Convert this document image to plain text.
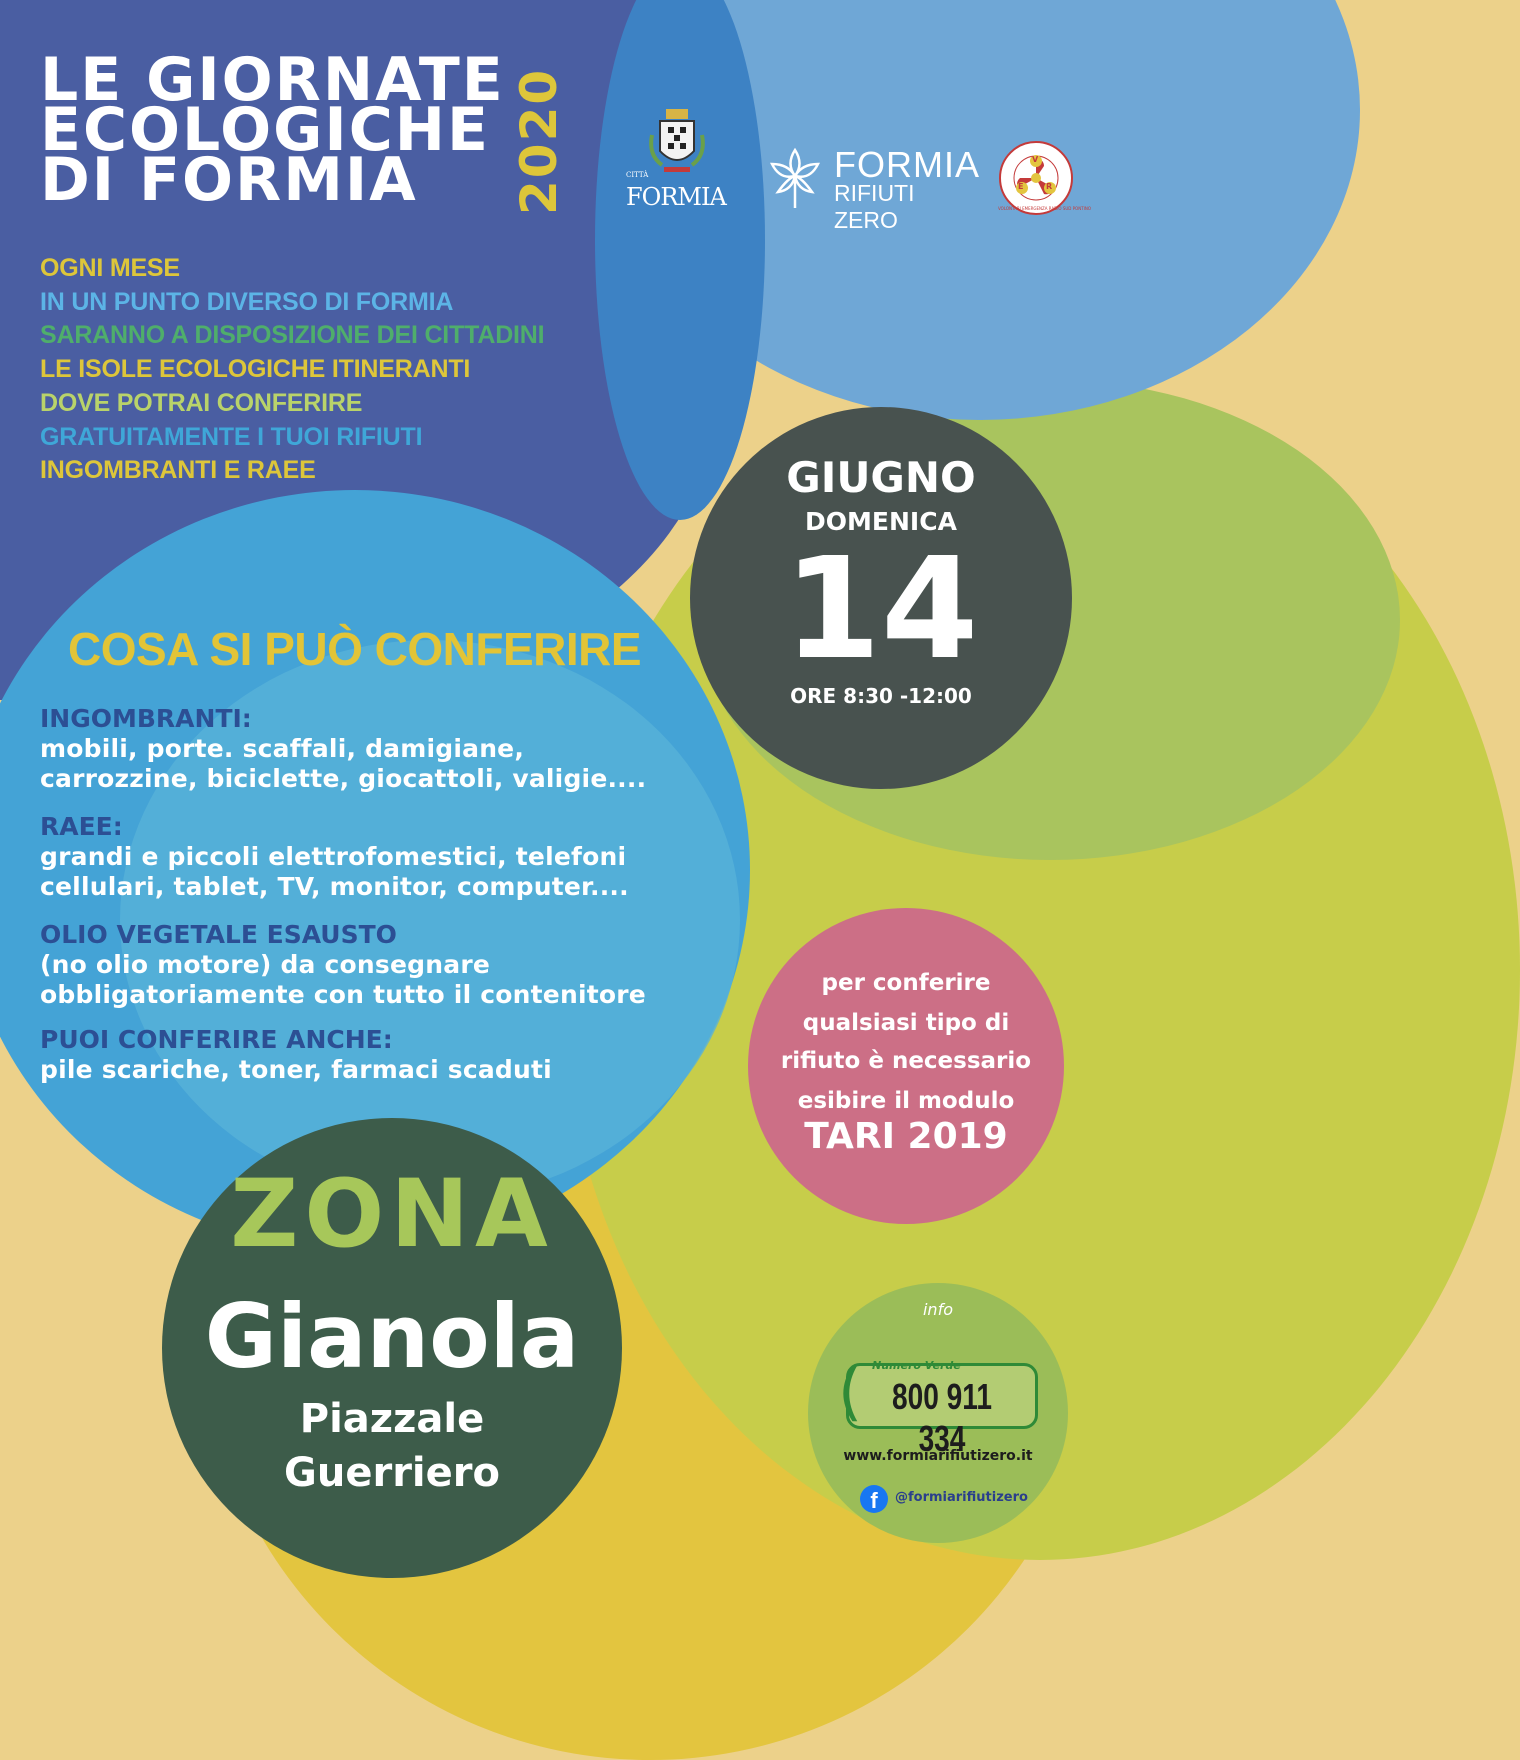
LE GIORNATE
ECOLOGICHE
DI FORMIA	2020	CITTÀ
FORMIA
FORMIA
RIFIUTI ZERO
V
E	R
VOLONTARI EMERGENZA RADIO SUD PONTINO
OGNI MESE
IN UN PUNTO DIVERSO DI FORMIA
SARANNO A DISPOSIZIONE DEI CITTADINI
LE ISOLE ECOLOGICHE ITINERANTI
DOVE POTRAI CONFERIRE
GRATUITAMENTE I TUOI RIFIUTI
INGOMBRANTI E RAEE	GIUGNO
DOMENICA
14
ORE 8:30 -12:00
COSA SI PUÒ CONFERIRE
INGOMBRANTI:
mobili, porte. scaffali, damigiane,
carrozzine, biciclette, giocattoli, valigie....
RAEE:
grandi e piccoli elettrofomestici, telefoni
cellulari, tablet, TV, monitor, computer....
OLIO VEGETALE ESAUSTO
(no olio motore) da consegnare
obbligatoriamente con tutto il contenitore
PUOI CONFERIRE ANCHE:
pile scariche, toner, farmaci scaduti
per conferire
qualsiasi tipo di
rifiuto è necessario
esibire il modulo
TARI 2019
ZONA
Gianola
Piazzale
Guerriero
info
( Numero Verde
800 911 334
www.formiarifiutizero.it
f	@formiarifiutizero
